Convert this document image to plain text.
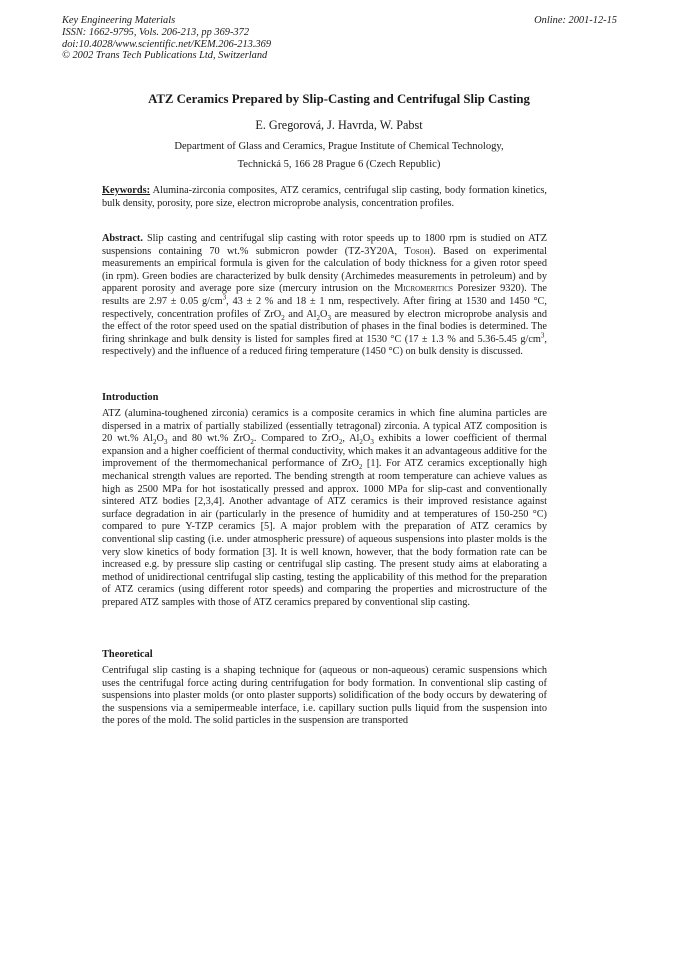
Key Engineering Materials
ISSN: 1662-9795, Vols. 206-213, pp 369-372
doi:10.4028/www.scientific.net/KEM.206-213.369
© 2002 Trans Tech Publications Ltd, Switzerland
Online: 2001-12-15
ATZ Ceramics Prepared by Slip-Casting and Centrifugal Slip Casting
E. Gregorová, J. Havrda, W. Pabst
Department of Glass and Ceramics, Prague Institute of Chemical Technology,
Technická 5, 166 28 Prague 6 (Czech Republic)
Keywords: Alumina-zirconia composites, ATZ ceramics, centrifugal slip casting, body formation kinetics, bulk density, porosity, pore size, electron microprobe analysis, concentration profiles.
Abstract. Slip casting and centrifugal slip casting with rotor speeds up to 1800 rpm is studied on ATZ suspensions containing 70 wt.% submicron powder (TZ-3Y20A, Tosoh). Based on experimental measurements an empirical formula is given for the calculation of body thickness for a given rotor speed (in rpm). Green bodies are characterized by bulk density (Archimedes measurements in petroleum) and by apparent porosity and average pore size (mercury intrusion on the Micromeritics Poresizer 9320). The results are 2.97 ± 0.05 $g/cm^3$, 43 ± 2 % and 18 ± 1 nm, respectively. After firing at 1530 and 1450 °C, respectively, concentration profiles of ZrO$_2$ and $Al_2O_3$ are measured by electron microprobe analysis and the effect of the rotor speed used on the spatial distribution of phases in the final bodies is determined. The firing shrinkage and bulk density is listed for samples fired at 1530 °C (17 ± 1.3 % and 5.36-5.45 $g/cm^3$, respectively) and the influence of a reduced firing temperature (1450 °C) on bulk density is discussed.
Introduction
ATZ (alumina-toughened zirconia) ceramics is a composite ceramics in which fine alumina particles are dispersed in a matrix of partially stabilized (essentially tetragonal) zirconia. A typical ATZ composition is 20 wt.% $Al_2O_3$ and 80 wt.% ZrO$_2$. Compared to ZrO$_2$, $Al_2O_3$ exhibits a lower coefficient of thermal expansion and a higher coefficient of thermal conductivity, which makes it an advantageous additive for the improvement of the thermomechanical performance of ZrO$_2$ [1]. For ATZ ceramics exceptionally high mechanical strength values are reported. The bending strength at room temperature can achieve values as high as 2500 MPa for hot isostatically pressed and approx. 1000 MPa for slip-cast and conventionally sintered ATZ bodies [2,3,4]. Another advantage of ATZ ceramics is their improved resistance against surface degradation in air (particularly in the presence of humidity and at temperatures of 150-250 °C) compared to pure Y-TZP ceramics [5]. A major problem with the preparation of ATZ ceramics by conventional slip casting (i.e. under atmospheric pressure) of aqueous suspensions into plaster molds is the very slow kinetics of body formation [3]. It is well known, however, that the body formation rate can be increased e.g. by pressure slip casting or centrifugal slip casting. The present study aims at elaborating a method of unidirectional centrifugal slip casting, testing the applicability of this method for the preparation of ATZ ceramics (using different rotor speeds) and comparing the properties and microstructure of the prepared ATZ samples with those of ATZ ceramics prepared by conventional slip casting.
Theoretical
Centrifugal slip casting is a shaping technique for (aqueous or non-aqueous) ceramic suspensions which uses the centrifugal force acting during centrifugation for body formation. In conventional slip casting of suspensions into plaster molds (or onto plaster supports) solidification of the body occurs by dewatering of the suspensions via a semipermeable interface, i.e. capillary suction pulls liquid from the suspension into the pores of the mold. The solid particles in the suspension are transported
